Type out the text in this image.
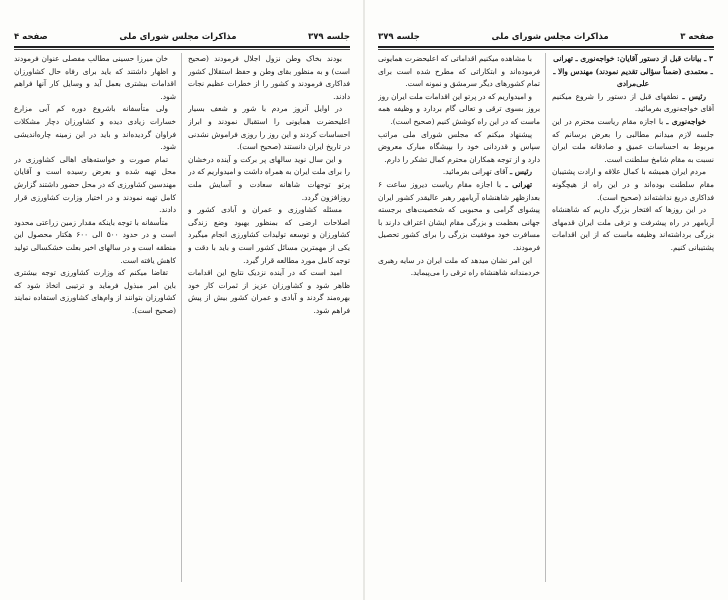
صفحه ۴	مذاکرات مجلس شورای ملی	جلسه ۳۷۹

بودند بخاک وطن نزول اجلال فرمودند (صحیح است) و به منظور بقای وطن و حفظ استقلال کشور فداکاری فرمودند و کشور را از خطرات عظیم نجات دادند.

در اوایل آنروز مردم با شور و شعف بسیار اعلیحضرت همایونی را استقبال نمودند و ابراز احساسات کردند و این روز را روزی فراموش نشدنی در تاریخ ایران دانستند (صحیح است).

و این سال نوید سالهای پر برکت و آینده درخشان را برای ملت ایران به همراه داشت و امیدواریم که در پرتو توجهات شاهانه سعادت و آسایش ملت روزافزون گردد.

مسئله کشاورزی و عمران و آبادی کشور و اصلاحات ارضی که بمنظور بهبود وضع زندگی کشاورزان و توسعه تولیدات کشاورزی انجام میگیرد یکی از مهمترین مسائل کشور است و باید با دقت و توجه کامل مورد مطالعه قرار گیرد.

امید است که در آینده نزدیک نتایج این اقدامات ظاهر شود و کشاورزان عزیز از ثمرات کار خود بهره‌مند گردند و آبادی و عمران کشور بیش از پیش فراهم شود.

خان میرزا حسینی مطالب مفصلی عنوان فرمودند و اظهار داشتند که باید برای رفاه حال کشاورزان اقدامات بیشتری بعمل آید و وسایل کار آنها فراهم شود.

ولی متأسفانه باشروع دوره کم آبی مزارع خسارات زیادی دیده و کشاورزان دچار مشکلات فراوان گردیده‌اند و باید در این زمینه چاره‌اندیشی شود.

تمام صورت و خواسته‌های اهالی کشاورزی در محل تهیه شده و بعرض رسیده است و آقایان مهندسین کشاورزی که در محل حضور داشتند گزارش کامل تهیه نمودند و در اختیار وزارت کشاورزی قرار دادند.

متأسفانه با توجه باینکه مقدار زمین زراعتی محدود است و در حدود ۵۰۰ الی ۶۰۰ هکتار محصول این منطقه است و در سالهای اخیر بعلت خشکسالی تولید کاهش یافته است.

تقاضا میکنم که وزارت کشاورزی توجه بیشتری باین امر مبذول فرماید و ترتیبی اتخاذ شود که کشاورزان بتوانند از وام‌های کشاورزی استفاده نمایند (صحیح است).

جلسه ۳۷۹	مذاکرات مجلس شورای ملی	صفحه ۳

۳ ـ بیانات قبل از دستور آقایان: خواجه‌نوری ـ تهرانی ـ معتمدی (ضمناً سؤالی تقدیم نمودند) مهندس والا ـ علی‌مرادی

رئیس ـ نطقهای قبل از دستور را شروع میکنیم آقای خواجه‌نوری بفرمائید.

خواجه‌نوری ـ با اجازه مقام ریاست محترم در این جلسه لازم میدانم مطالبی را بعرض برسانم که مربوط به احساسات عمیق و صادقانه ملت ایران نسبت به مقام شامخ سلطنت است.

مردم ایران همیشه با کمال علاقه و ارادت پشتیبان مقام سلطنت بوده‌اند و در این راه از هیچگونه فداکاری دریغ نداشته‌اند (صحیح است).

در این روزها که افتخار بزرگ داریم که شاهنشاه آریامهر در راه پیشرفت و ترقی ملت ایران قدمهای بزرگی برداشته‌اند وظیفه ماست که از این اقدامات پشتیبانی کنیم.

با مشاهده میکنیم اقداماتی که اعلیحضرت همایونی فرموده‌اند و ابتکاراتی که مطرح شده است برای تمام کشورهای دیگر سرمشق و نمونه است.

و امیدواریم که در پرتو این اقدامات ملت ایران روز بروز بسوی ترقی و تعالی گام بردارد و وظیفه همه ماست که در این راه کوشش کنیم (صحیح است).

پیشنهاد میکنم که مجلس شورای ملی مراتب سپاس و قدردانی خود را بپیشگاه مبارک معروض دارد و از توجه همکاران محترم کمال تشکر را دارم.

رئیس ـ آقای تهرانی بفرمائید.

تهرانی ـ با اجازه مقام ریاست دیروز ساعت ۶ بعدازظهر شاهنشاه آریامهر رهبر عالیقدر کشور ایران پیشوای گرامی و محبوبی که شخصیت‌های برجسته جهانی بعظمت و بزرگی مقام ایشان اعتراف دارند با مسافرت خود موفقیت بزرگی را برای کشور تحصیل فرمودند.

این امر نشان میدهد که ملت ایران در سایه رهبری خردمندانه شاهنشاه راه ترقی را می‌پیماید.
